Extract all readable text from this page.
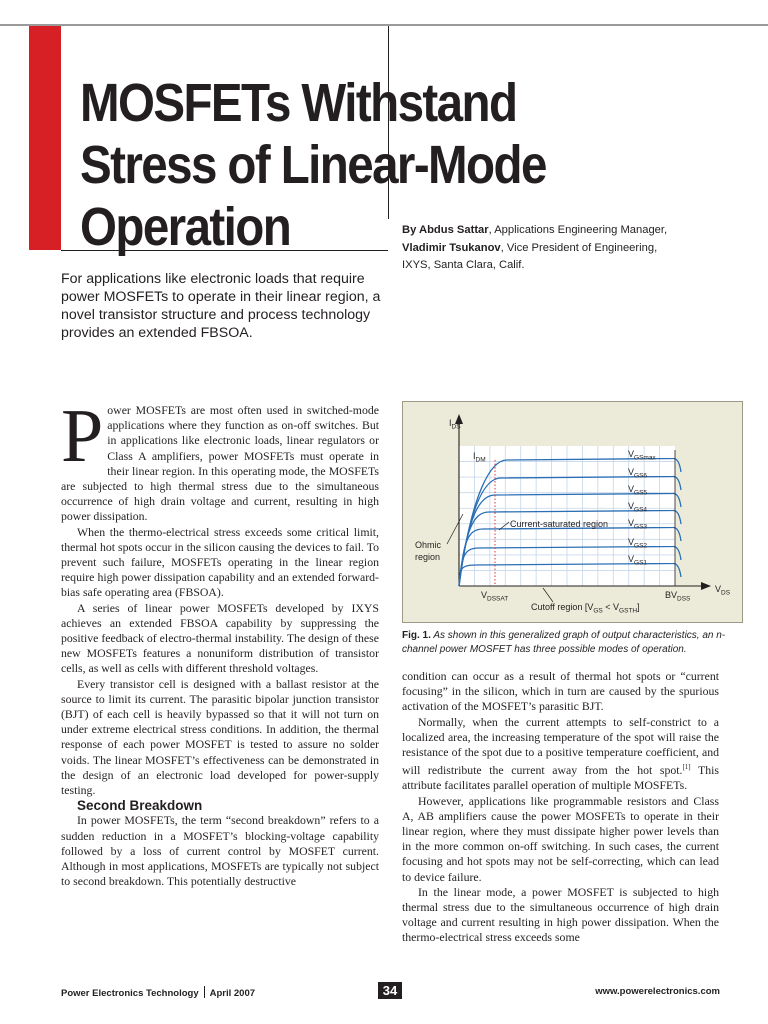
MOSFETs Withstand Stress of Linear-Mode Operation	By Abdus Sattar, Applications Engineering Manager,

Vladimir Tsukanov, Vice President of Engineering,

IXYS, Santa Clara, Calif.

For applications like electronic loads that require power MOSFETs to operate in their linear region, a novel transistor structure and process technology provides an extended FBSOA.

Power MOSFETs are most often used in switched-mode applications where they function as on-off switches. But in applications like electronic loads, linear regulators or Class A amplifiers, power MOSFETs must operate in their linear region. In this operating mode, the MOSFETs are subjected to high thermal stress due to the simultaneous occurrence of high drain voltage and current, resulting in high power dissipation.

When the thermo-electrical stress exceeds some critical limit, thermal hot spots occur in the silicon causing the devices to fail. To prevent such failure, MOSFETs operating in the linear region require high power dissipation capability and an extended forward-bias safe operating area (FBSOA).

A series of linear power MOSFETs developed by IXYS achieves an extended FBSOA capability by suppressing the positive feedback of electro-thermal instability. The design of these new MOSFETs features a nonuniform distribution of transistor cells, as well as cells with different threshold voltages.

Every transistor cell is designed with a ballast resistor at the source to limit its current. The parasitic bipolar junction transistor (BJT) of each cell is heavily bypassed so that it will not turn on under extreme electrical stress conditions. In addition, the thermal response of each power MOSFET is tested to assure no solder voids. The linear MOSFET’s effectiveness can be demonstrated in the design of an electronic load developed for power-supply testing.

Second Breakdown

In power MOSFETs, the term “second breakdown” refers to a sudden reduction in a MOSFET’s blocking-voltage capability followed by a loss of current control by MOSFET current. Although in most applications, MOSFETs are typically not subject to second breakdown. This potentially destructive

$I_{DS}$
$V_{DS}$
$I_{DM}$
$V_{DSSAT}$	$BV_{DSS}$
Ohmic
region
Current-saturated region
Cutoff region $[V_{GS} < V_{GSTH}]$
$V_{GSmax}$
$V_{GS6}$
$V_{GS5}$
$V_{GS4}$
$V_{GS3}$
$V_{GS2}$
$V_{GS1}$

Fig. 1. As shown in this generalized graph of output characteristics, an n-channel power MOSFET has three possible modes of operation.

condition can occur as a result of thermal hot spots or “current focusing” in the silicon, which in turn are caused by the spurious activation of the MOSFET’s parasitic BJT.

Normally, when the current attempts to self-constrict to a localized area, the increasing temperature of the spot will raise the resistance of the spot due to a positive temperature coefficient, and will redistribute the current away from the hot spot.[1] This attribute facilitates parallel operation of multiple MOSFETs.

However, applications like programmable resistors and Class A, AB amplifiers cause the power MOSFETs to operate in their linear region, where they must dissipate higher power levels than in the more common on-off switching. In such cases, the current focusing and hot spots may not be self-correcting, which can lead to device failure.

In the linear mode, a power MOSFET is subjected to high thermal stress due to the simultaneous occurrence of high drain voltage and current resulting in high power dissipation. When the thermo-electrical stress exceeds some

Power Electronics Technology April 2007	34	www.powerelectronics.com
